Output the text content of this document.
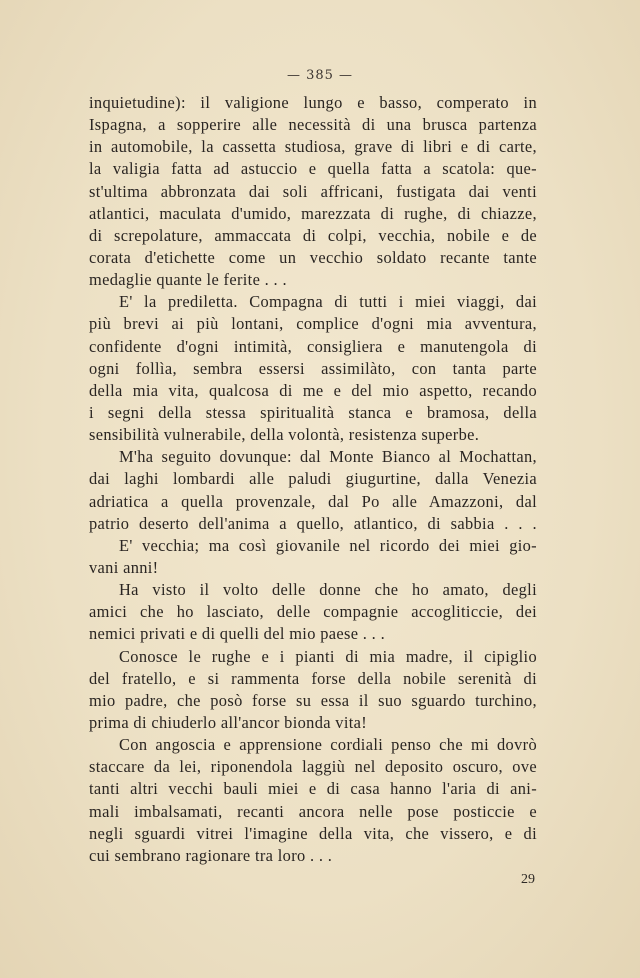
— 385 —
inquietudine): il valigione lungo e basso, comperato in
Ispagna, a sopperire alle necessità di una brusca partenza
in automobile, la cassetta studiosa, grave di libri e di carte,
la valigia fatta ad astuccio e quella fatta a scatola: que-
st'ultima abbronzata dai soli affricani, fustigata dai venti
atlantici, maculata d'umido, marezzata di rughe, di chiazze,
di screpolature, ammaccata di colpi, vecchia, nobile e de
corata d'etichette come un vecchio soldato recante tante
medaglie quante le ferite . . .
E' la prediletta. Compagna di tutti i miei viaggi, dai
più brevi ai più lontani, complice d'ogni mia avventura,
confidente d'ogni intimità, consigliera e manutengola di
ogni follìa, sembra essersi assimilàto, con tanta parte
della mia vita, qualcosa di me e del mio aspetto, recando
i segni della stessa spiritualità stanca e bramosa, della
sensibilità vulnerabile, della volontà, resistenza superbe.
M'ha seguito dovunque: dal Monte Bianco al Mochattan,
dai laghi lombardi alle paludi giugurtine, dalla Venezia
adriatica a quella provenzale, dal Po alle Amazzoni, dal
patrio deserto dell'anima a quello, atlantico, di sabbia . . .
E' vecchia; ma così giovanile nel ricordo dei miei gio-
vani anni!
Ha visto il volto delle donne che ho amato, degli
amici che ho lasciato, delle compagnie accogliticcie, dei
nemici privati e di quelli del mio paese . . .
Conosce le rughe e i pianti di mia madre, il cipiglio
del fratello, e si rammenta forse della nobile serenità di
mio padre, che posò forse su essa il suo sguardo turchino,
prima di chiuderlo all'ancor bionda vita!
Con angoscia e apprensione cordiali penso che mi dovrò
staccare da lei, riponendola laggiù nel deposito oscuro, ove
tanti altri vecchi bauli miei e di casa hanno l'aria di ani-
mali imbalsamati, recanti ancora nelle pose posticcie e
negli sguardi vitrei l'imagine della vita, che vissero, e di
cui sembrano ragionare tra loro . . .
29
